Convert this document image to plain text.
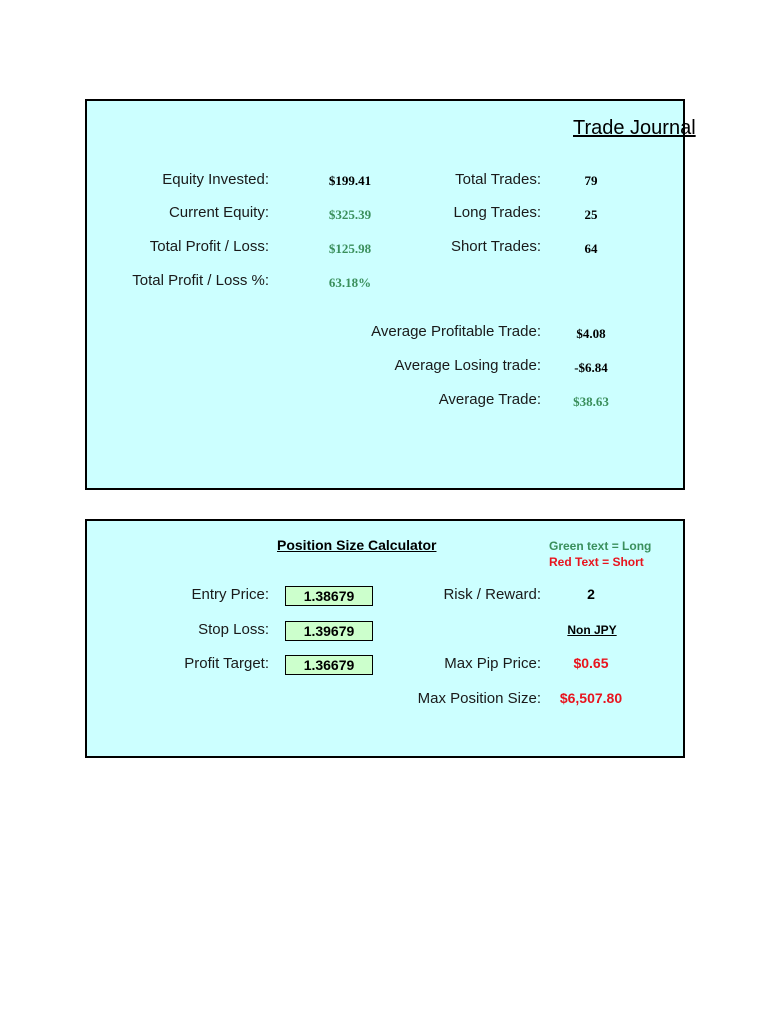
Trade Journal
Equity Invested:	$199.41
Current Equity:	$325.39
Total Profit / Loss:	$125.98
Total Profit / Loss %:	63.18%
Total Trades:	79
Long Trades:	25
Short Trades:	64
Average Profitable Trade:	$4.08
Average Losing trade:	-$6.84
Average Trade:	$38.63
Position Size Calculator	Green text = Long
Red Text = Short
Entry Price:
1.38679
Stop Loss:
1.39679
Profit Target:
1.36679
Risk / Reward:	2
Non JPY
Max Pip Price:	$0.65
Max Position Size:	$6,507.80
